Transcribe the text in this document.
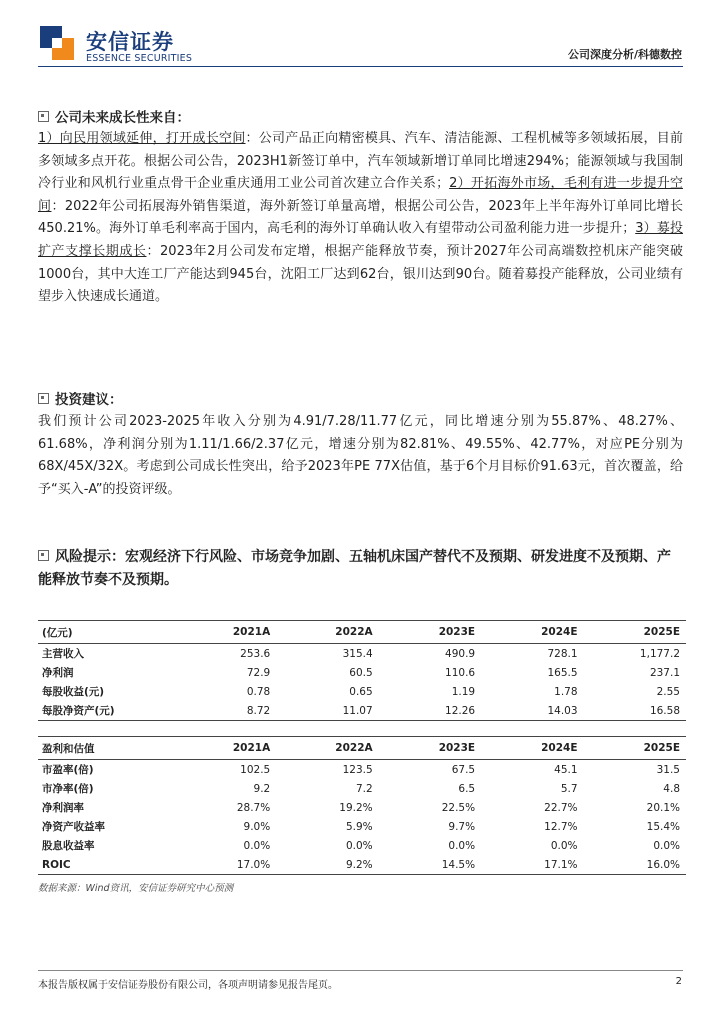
安信证券
ESSENCE SECURITIES	公司深度分析/科德数控
公司未来成长性来自：
1）向民用领域延伸，打开成长空间：公司产品正向精密模具、汽车、清洁能源、工程机械等多领域拓展，目前多领域多点开花。根据公司公告，2023H1新签订单中，汽车领域新增订单同比增速294%；能源领域与我国制冷行业和风机行业重点骨干企业重庆通用工业公司首次建立合作关系；2）开拓海外市场，毛利有进一步提升空间：2022年公司拓展海外销售渠道，海外新签订单量高增，根据公司公告，2023年上半年海外订单同比增长450.21%。海外订单毛利率高于国内，高毛利的海外订单确认收入有望带动公司盈利能力进一步提升；3）募投扩产支撑长期成长：2023年2月公司发布定增，根据产能释放节奏，预计2027年公司高端数控机床产能突破1000台，其中大连工厂产能达到945台，沈阳工厂达到62台，银川达到90台。随着募投产能释放，公司业绩有望步入快速成长通道。
投资建议：
我们预计公司2023-2025年收入分别为4.91/7.28/11.77亿元，同比增速分别为55.87%、48.27%、61.68%，净利润分别为1.11/1.66/2.37亿元，增速分别为82.81%、49.55%、42.77%，对应PE分别为68X/45X/32X。考虑到公司成长性突出，给予2023年PE 77X估值，基于6个月目标价91.63元，首次覆盖，给予“买入-A”的投资评级。
风险提示：宏观经济下行风险、市场竞争加剧、五轴机床国产替代不及预期、研发进度不及预期、产能释放节奏不及预期。
(亿元)	2021A	2022A	2023E	2024E	2025E
主营收入	253.6	315.4	490.9	728.1	1,177.2
净利润	72.9	60.5	110.6	165.5	237.1
每股收益(元)	0.78	0.65	1.19	1.78	2.55
每股净资产(元)	8.72	11.07	12.26	14.03	16.58
盈利和估值	2021A	2022A	2023E	2024E	2025E
市盈率(倍)	102.5	123.5	67.5	45.1	31.5
市净率(倍)	9.2	7.2	6.5	5.7	4.8
净利润率	28.7%	19.2%	22.5%	22.7%	20.1%
净资产收益率	9.0%	5.9%	9.7%	12.7%	15.4%
股息收益率	0.0%	0.0%	0.0%	0.0%	0.0%
ROIC	17.0%	9.2%	14.5%	17.1%	16.0%
数据来源：Wind资讯，安信证券研究中心预测
本报告版权属于安信证券股份有限公司，各项声明请参见报告尾页。	2
